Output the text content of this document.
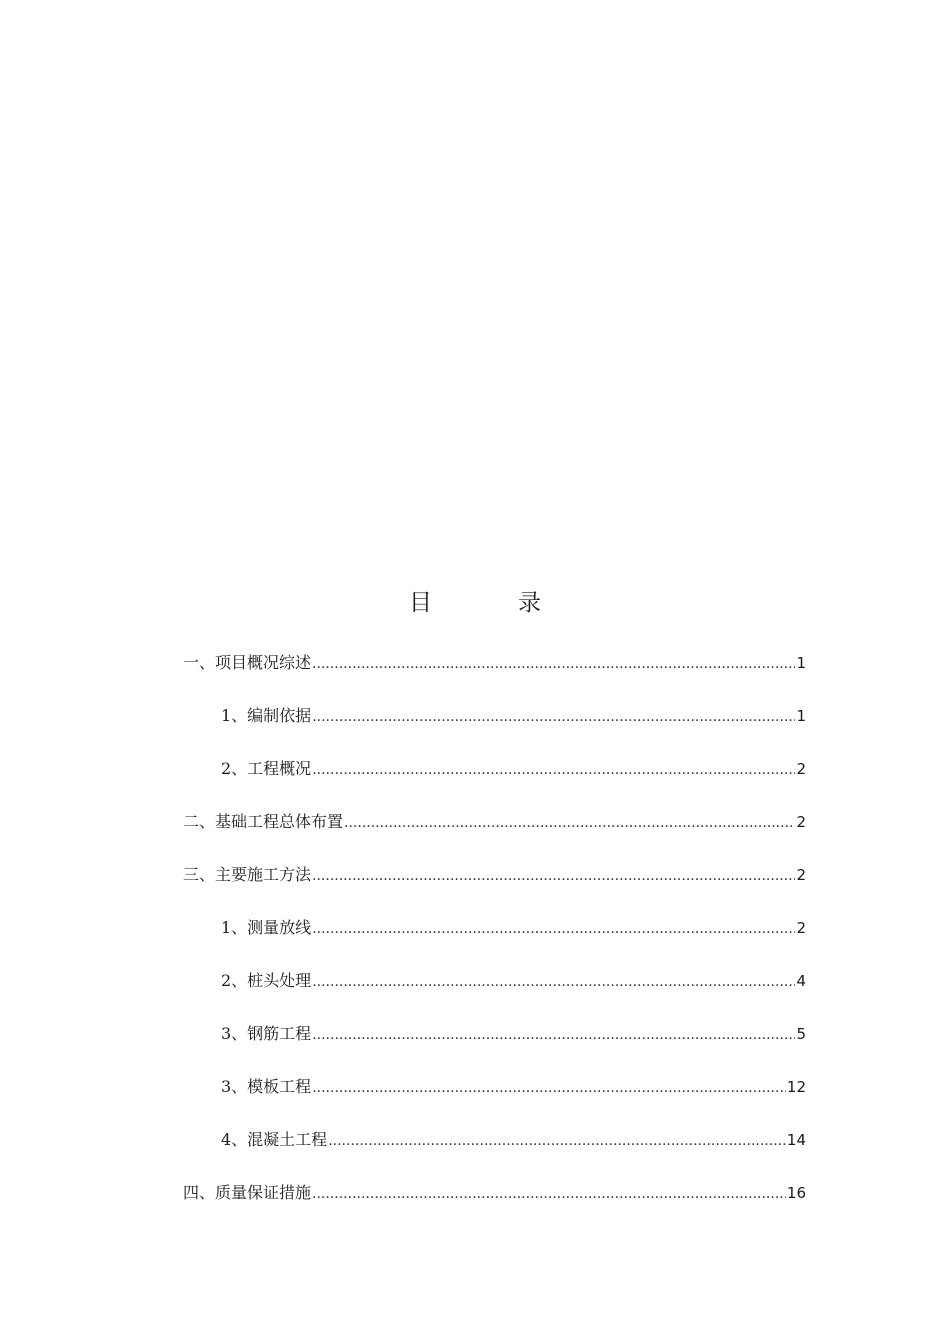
目	录
一、项目概况综述 .....	1
1、编制依据 .....	1
2、工程概况 .....	2
二、基础工程总体布置 .....	2
三、主要施工方法 .....	2
1、测量放线 .....	2
2、桩头处理 .....	4
3、钢筋工程 .....	5
3、模板工程 .....	12
4、混凝土工程 .....	14
四、质量保证措施 .....	16
